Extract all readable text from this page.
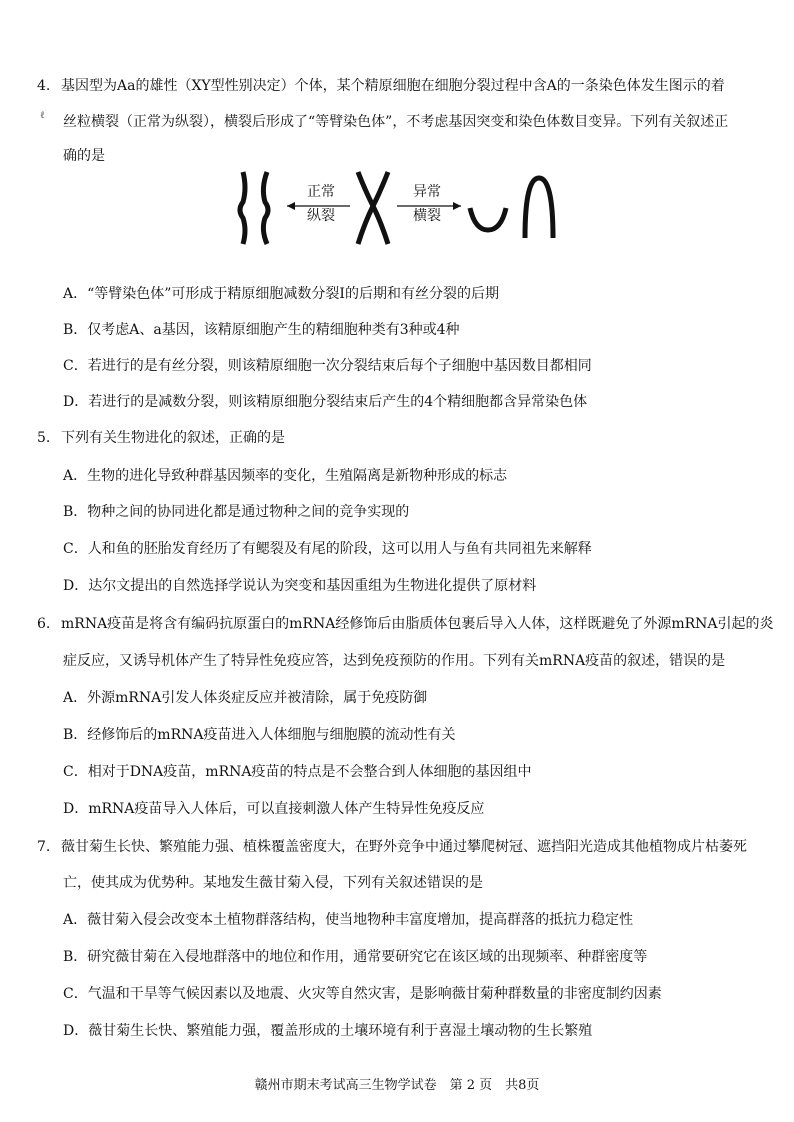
ℓ
4. 基因型为Aa的雄性（XY型性别决定）个体，某个精原细胞在细胞分裂过程中含A的一条染色体发生图示的着
丝粒横裂（正常为纵裂），横裂后形成了“等臂染色体”，不考虑基因突变和染色体数目变异。下列有关叙述正
确的是
正常
纵裂
异常
横裂
A．“等臂染色体”可形成于精原细胞减数分裂Ⅰ的后期和有丝分裂的后期
B．仅考虑A、a基因，该精原细胞产生的精细胞种类有3种或4种
C．若进行的是有丝分裂，则该精原细胞一次分裂结束后每个子细胞中基因数目都相同
D．若进行的是减数分裂，则该精原细胞分裂结束后产生的4个精细胞都含异常染色体
5. 下列有关生物进化的叙述，正确的是
A．生物的进化导致种群基因频率的变化，生殖隔离是新物种形成的标志
B．物种之间的协同进化都是通过物种之间的竞争实现的
C．人和鱼的胚胎发育经历了有鳃裂及有尾的阶段，这可以用人与鱼有共同祖先来解释
D．达尔文提出的自然选择学说认为突变和基因重组为生物进化提供了原材料
6. mRNA疫苗是将含有编码抗原蛋白的mRNA经修饰后由脂质体包裹后导入人体，这样既避免了外源mRNA引起的炎
症反应，又诱导机体产生了特异性免疫应答，达到免疫预防的作用。下列有关mRNA疫苗的叙述，错误的是
A．外源mRNA引发人体炎症反应并被清除，属于免疫防御
B．经修饰后的mRNA疫苗进入人体细胞与细胞膜的流动性有关
C．相对于DNA疫苗，mRNA疫苗的特点是不会整合到人体细胞的基因组中
D．mRNA疫苗导入人体后，可以直接刺激人体产生特异性免疫反应
7. 薇甘菊生长快、繁殖能力强、植株覆盖密度大，在野外竞争中通过攀爬树冠、遮挡阳光造成其他植物成片枯萎死
亡，使其成为优势种。某地发生薇甘菊入侵，下列有关叙述错误的是
A．薇甘菊入侵会改变本土植物群落结构，使当地物种丰富度增加，提高群落的抵抗力稳定性
B．研究薇甘菊在入侵地群落中的地位和作用，通常要研究它在该区域的出现频率、种群密度等
C．气温和干旱等气候因素以及地震、火灾等自然灾害，是影响薇甘菊种群数量的非密度制约因素
D．薇甘菊生长快、繁殖能力强，覆盖形成的土壤环境有利于喜湿土壤动物的生长繁殖
赣州市期末考试高三生物学试卷　第 2 页　共8页
